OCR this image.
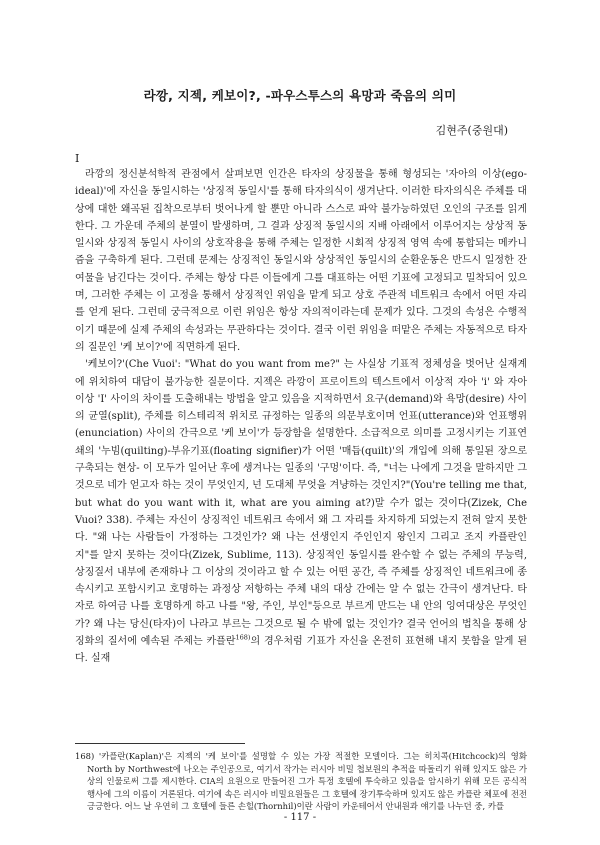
라깡, 지젝, 케보이?, -파우스투스의 욕망과 죽음의 의미
김현주(중원대)
I

라깡의 정신분석학적 관점에서 살펴보면 인간은 타자의 상징물을 통해 형성되는 '자아의 이상(ego-ideal)'에 자신을 동일시하는 '상징적 동일시'를 통해 타자의식이 생겨난다. 이러한 타자의식은 주체를 대상에 대한 왜곡된 집착으로부터 벗어나게 할 뿐만 아니라 스스로 파악 불가능하였던 오인의 구조를 읽게 한다. 그 가운데 주체의 분열이 발생하며, 그 결과 상징적 동일시의 지배 아래에서 이루어지는 상상적 동일시와 상징적 동일시 사이의 상호작용을 통해 주체는 일정한 시회적 상징적 영역 속에 통합되는 메카니즘을 구축하게 된다. 그런데 문제는 상징적인 동일시와 상상적인 동일시의 순환운동은 반드시 일정한 잔여물을 남긴다는 것이다. 주체는 항상 다른 이들에게 그를 대표하는 어떤 기표에 고정되고 밀착되어 있으며, 그러한 주체는 이 고정을 통해서 상징적인 위임을 맡게 되고 상호 주관적 네트워크 속에서 어떤 자리를 얻게 된다. 그런데 궁극적으로 이런 위임은 항상 자의적이라는데 문제가 있다. 그것의 속성은 수행적이기 때문에 실제 주체의 속성과는 무관하다는 것이다. 결국 이런 위임을 떠맡은 주체는 자동적으로 타자의 질문인 '케 보이?'에 직면하게 된다.

'케보이?'(Che Vuoi': "What do you want from me?" 는 사실상 기표적 정체성을 벗어난 실재계에 위치하여 대답이 불가능한 질문이다. 지젝은 라깡이 프로이트의 텍스트에서 이상적 자아 'i' 와 자아 이상 'I' 사이의 차이를 도출해내는 방법을 알고 있음을 지적하면서 요구(demand)와 욕망(desire) 사이의 균열(split), 주체를 히스테리적 위치로 규정하는 일종의 의문부호이며 언표(utterance)와 언표행위(enunciation) 사이의 간극으로 '케 보이'가 등장함을 설명한다. 소급적으로 의미를 고정시키는 기표연쇄의 '누빔(quilting)-부유기표(floating signifier)가 어떤 '매듭(quilt)'의 개입에 의해 통일된 장으로 구축되는 현상- 이 모두가 일어난 후에 생겨나는 일종의 '구멍'이다. 즉, "너는 나에게 그것을 말하지만 그것으로 네가 얻고자 하는 것이 무엇인지, 넌 도대체 무엇을 겨냥하는 것인지?"(You're telling me that, but what do you want with it, what are you aiming at?)말 수가 없는 것이다(Zizek, Che Vuoi? 338). 주체는 자신이 상징적인 네트워크 속에서 왜 그 자리를 차지하게 되었는지 전혀 알지 못한다. "왜 나는 사람들이 가정하는 그것인가? 왜 나는 선생인지 주인인지 왕인지 그리고 조지 카플란인지"를 알지 못하는 것이다(Zizek, Sublime, 113). 상징적인 동일시를 완수할 수 없는 주체의 무능력, 상징질서 내부에 존재하나 그 이상의 것이라고 할 수 있는 어떤 공간, 즉 주체를 상징적인 네트워크에 종속시키고 포함시키고 호명하는 과정상 저항하는 주체 내의 대상 간에는 알 수 없는 간극이 생겨난다. 타자로 하여금 나를 호명하게 하고 나를 "왕, 주인, 부인"등으로 부르게 만드는 내 안의 잉여대상은 무엇인가? 왜 나는 당신(타자)이 나라고 부르는 그것으로 될 수 밖에 없는 것인가? 결국 언어의 법칙을 통해 상징화의 질서에 예속된 주체는 카플란$^{168)}$의 경우처럼 기표가 자신을 온전히 표현해 내지 못함을 알게 된다. 실재

168) '카플란(Kaplan)'은 지젝의 '케 보이'를 설명할 수 있는 가장 적절한 모델이다. 그는 히치콕(Hitchcock)의 영화 North by Northwest에 나오는 주인공으로, 여기서 작가는 러시아 비밀 첩보원의 추적을 따돌리기 위해 있지도 않은 가상의 인물로써 그를 제시한다. CIA의 요원으로 만들어진 그가 특정 호텔에 투숙하고 있음을 암시하기 위해 모든 공식적 행사에 그의 이름이 거론된다. 여기에 속은 러시아 비밀요원들은 그 호텔에 장기투숙하며 있지도 않은 카플란 체포에 전전긍긍한다. 어느 날 우연히 그 호텔에 들른 손힐(Thornhil)이란 사람이 카운테어서 안내원과 얘기를 나누던 중, 카플
- 117 -
